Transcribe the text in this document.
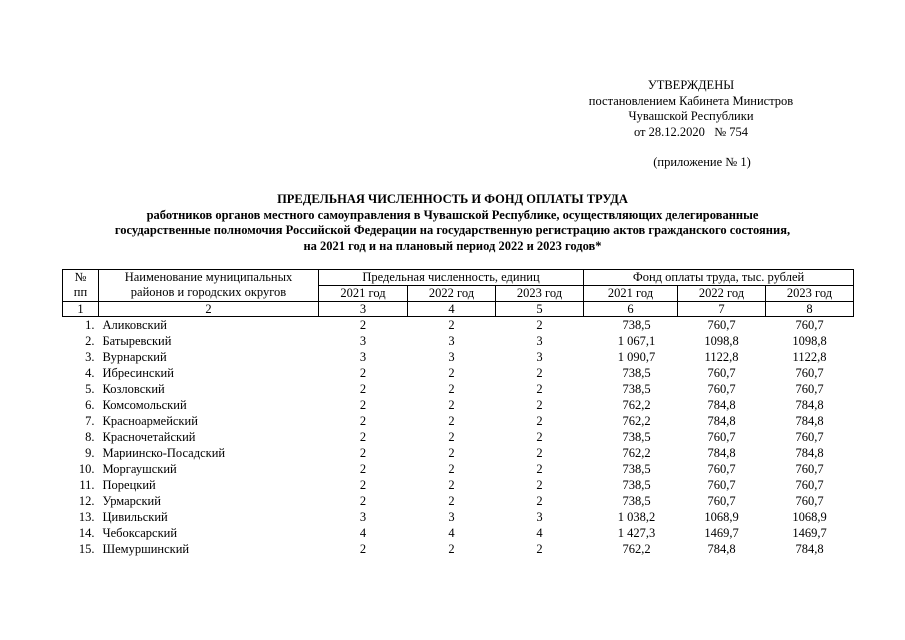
УТВЕРЖДЕНЫ
постановлением Кабинета Министров
Чувашской Республики
от 28.12.2020   № 754
(приложение № 1)
ПРЕДЕЛЬНАЯ ЧИСЛЕННОСТЬ И ФОНД ОПЛАТЫ ТРУДА
работников органов местного самоуправления в Чувашской Республике, осуществляющих делегированные
государственные полномочия Российской Федерации на государственную регистрацию актов гражданского состояния,
на 2021 год и на плановый период 2022 и 2023 годов*
№ пп	Наименование муниципальных районов и городских округов	Предельная численность, единиц			Фонд оплаты труда, тыс. рублей		
		2021 год	2022 год	2023 год	2021 год	2022 год	2023 год
1	2	3	4	5	6	7	8
1.	Аликовский	2	2	2	738,5	760,7	760,7
2.	Батыревский	3	3	3	1 067,1	1098,8	1098,8
3.	Вурнарский	3	3	3	1 090,7	1122,8	1122,8
4.	Ибресинский	2	2	2	738,5	760,7	760,7
5.	Козловский	2	2	2	738,5	760,7	760,7
6.	Комсомольский	2	2	2	762,2	784,8	784,8
7.	Красноармейский	2	2	2	762,2	784,8	784,8
8.	Красночетайский	2	2	2	738,5	760,7	760,7
9.	Мариинско-Посадский	2	2	2	762,2	784,8	784,8
10.	Моргаушский	2	2	2	738,5	760,7	760,7
11.	Порецкий	2	2	2	738,5	760,7	760,7
12.	Урмарский	2	2	2	738,5	760,7	760,7
13.	Цивильский	3	3	3	1 038,2	1068,9	1068,9
14.	Чебоксарский	4	4	4	1 427,3	1469,7	1469,7
15.	Шемуршинский	2	2	2	762,2	784,8	784,8
